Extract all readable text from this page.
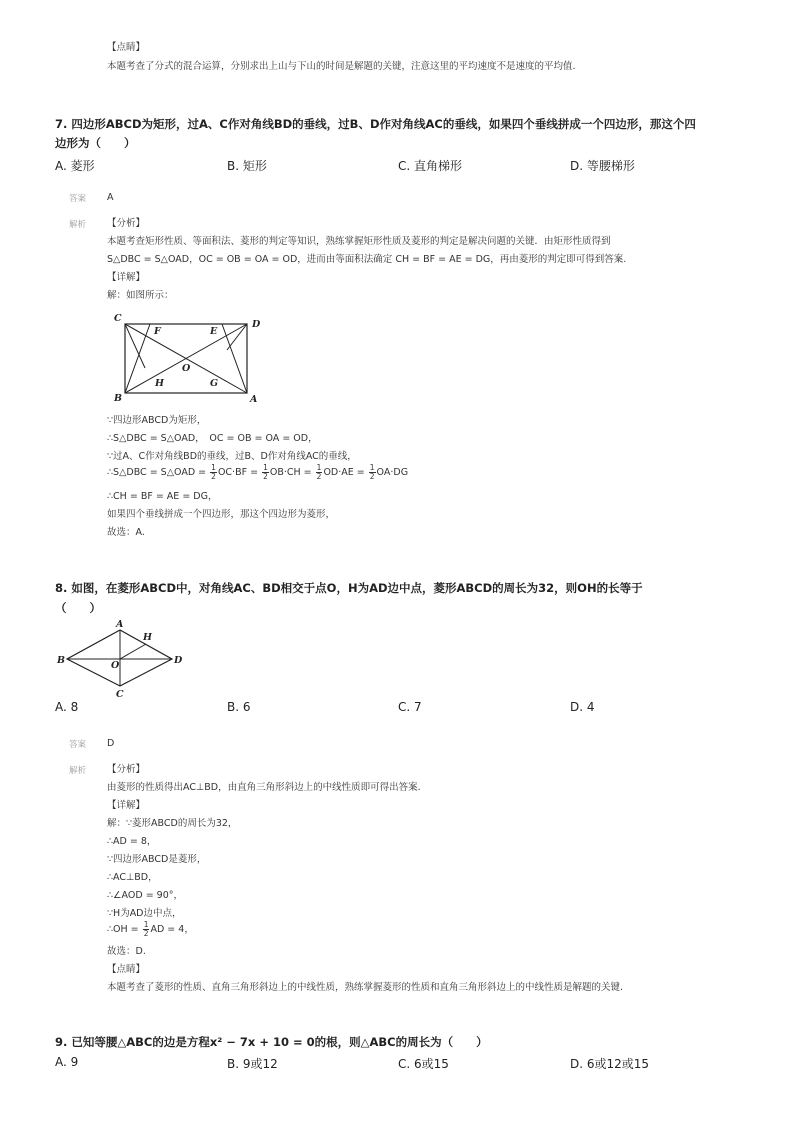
【点睛】
本题考查了分式的混合运算，分别求出上山与下山的时间是解题的关键，注意这里的平均速度不是速度的平均值.
7. 四边形ABCD为矩形，过A、C作对角线BD的垂线，过B、D作对角线AC的垂线，如果四个垂线拼成一个四边形，那这个四
边形为（　　）
A. 菱形	B. 矩形	C. 直角梯形	D. 等腰梯形
答案 A
解析 【分析】
本题考查矩形性质、等面积法、菱形的判定等知识，熟练掌握矩形性质及菱形的判定是解决问题的关键．由矩形性质得到
S△DBC = S△OAD，OC = OB = OA = OD，进而由等面积法确定 CH = BF = AE = DG，再由菱形的判定即可得到答案.
【详解】
解：如图所示：
C
D
B	A
F	E
O
H	G
∵四边形ABCD为矩形，
∴S△DBC = S△OAD，　OC = OB = OA = OD，
∵过A、C作对角线BD的垂线，过B、D作对角线AC的垂线，
∴S△DBC = S△OAD = $\frac{1}{2} OC\cdot BF = \frac{1}{2} OB\cdot CH = \frac{1}{2} OD\cdot AE = \frac{1}{2} OA\cdot DG$
∴CH = BF = AE = DG，
如果四个垂线拼成一个四边形，那这个四边形为菱形，
故选：A.
8. 如图，在菱形ABCD中，对角线AC、BD相交于点O，H为AD边中点，菱形ABCD的周长为32，则OH的长等于
（　　）
A
B
C
D
O
H
A. 8	B. 6	C. 7	D. 4
答案 D
解析 【分析】
由菱形的性质得出AC⊥BD，由直角三角形斜边上的中线性质即可得出答案.
【详解】
解：∵菱形ABCD的周长为32，
∴AD = 8，
∵四边形ABCD是菱形，
∴AC⊥BD，
∴∠AOD = 90°，
∵H为AD边中点，
∴OH = $\frac{1}{2}$ AD = 4，
故选：D.
【点睛】
本题考查了菱形的性质、直角三角形斜边上的中线性质，熟练掌握菱形的性质和直角三角形斜边上的中线性质是解题的关键.
9. 已知等腰△ABC的边是方程x² − 7x + 10 = 0的根，则△ABC的周长为（　　）
A. 9	B. 9或12	C. 6或15	D. 6或12或15
